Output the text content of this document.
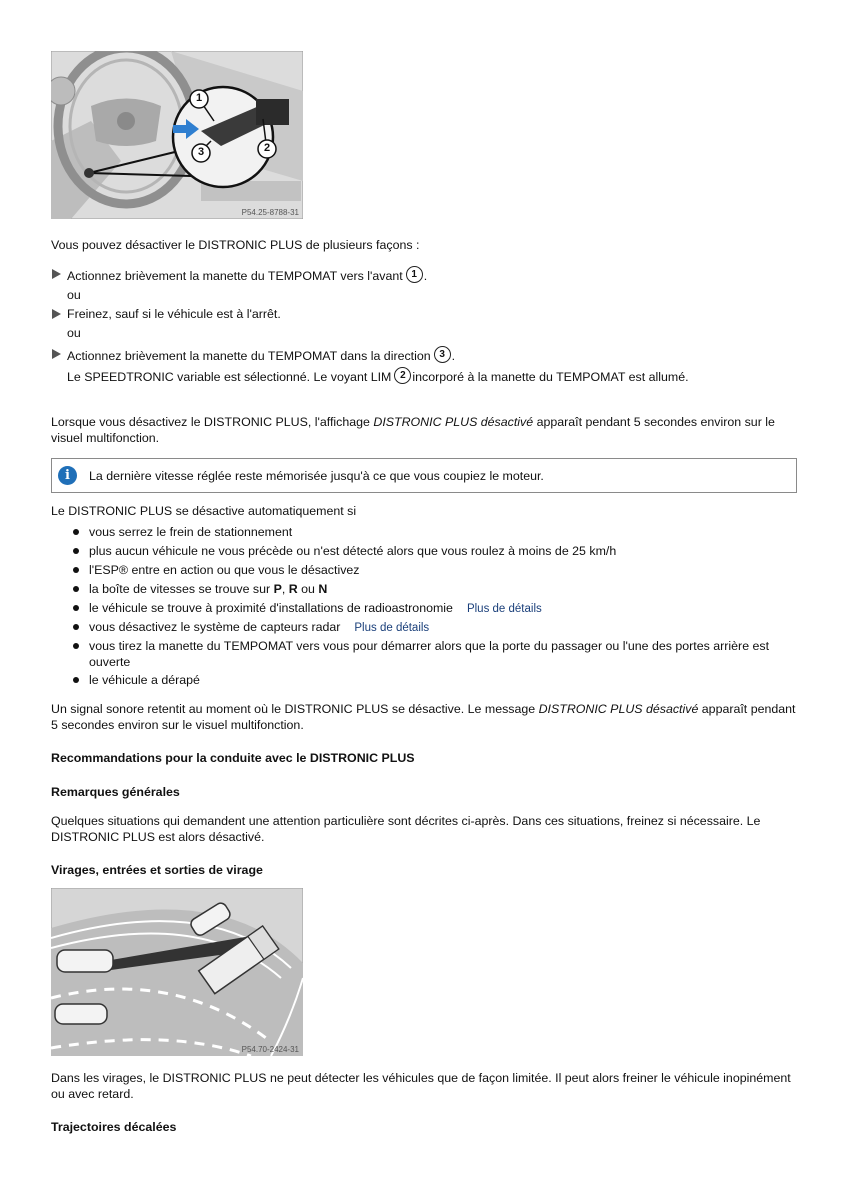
1
3	2
P54.25-8788-31
Vous pouvez désactiver le DISTRONIC PLUS de plusieurs façons :
Actionnez brièvement la manette du TEMPOMAT vers l'avant 1 .
ou
Freinez, sauf si le véhicule est à l'arrêt.
ou
Actionnez brièvement la manette du TEMPOMAT dans la direction 3 .
Le SPEEDTRONIC variable est sélectionné. Le voyant LIM 2 incorporé à la manette du TEMPOMAT est allumé.
Lorsque vous désactivez le DISTRONIC PLUS, l'affichage DISTRONIC PLUS désactivé apparaît pendant 5 secondes environ sur le visuel multifonction.
i	La dernière vitesse réglée reste mémorisée jusqu'à ce que vous coupiez le moteur.
Le DISTRONIC PLUS se désactive automatiquement si
vous serrez le frein de stationnement
plus aucun véhicule ne vous précède ou n'est détecté alors que vous roulez à moins de 25 km/h
l'ESP® entre en action ou que vous le désactivez
la boîte de vitesses se trouve sur P, R ou N
le véhicule se trouve à proximité d'installations de radioastronomie Plus de détails
vous désactivez le système de capteurs radar Plus de détails
vous tirez la manette du TEMPOMAT vers vous pour démarrer alors que la porte du passager ou l'une des portes arrière est
ouverte
le véhicule a dérapé
Un signal sonore retentit au moment où le DISTRONIC PLUS se désactive. Le message DISTRONIC PLUS désactivé apparaît pendant 5 secondes environ sur le visuel multifonction.
Recommandations pour la conduite avec le DISTRONIC PLUS
Remarques générales
Quelques situations qui demandent une attention particulière sont décrites ci-après. Dans ces situations, freinez si nécessaire. Le DISTRONIC PLUS est alors désactivé.
Virages, entrées et sorties de virage
P54.70-2424-31
Dans les virages, le DISTRONIC PLUS ne peut détecter les véhicules que de façon limitée. Il peut alors freiner le véhicule inopinément ou avec retard.
Trajectoires décalées
